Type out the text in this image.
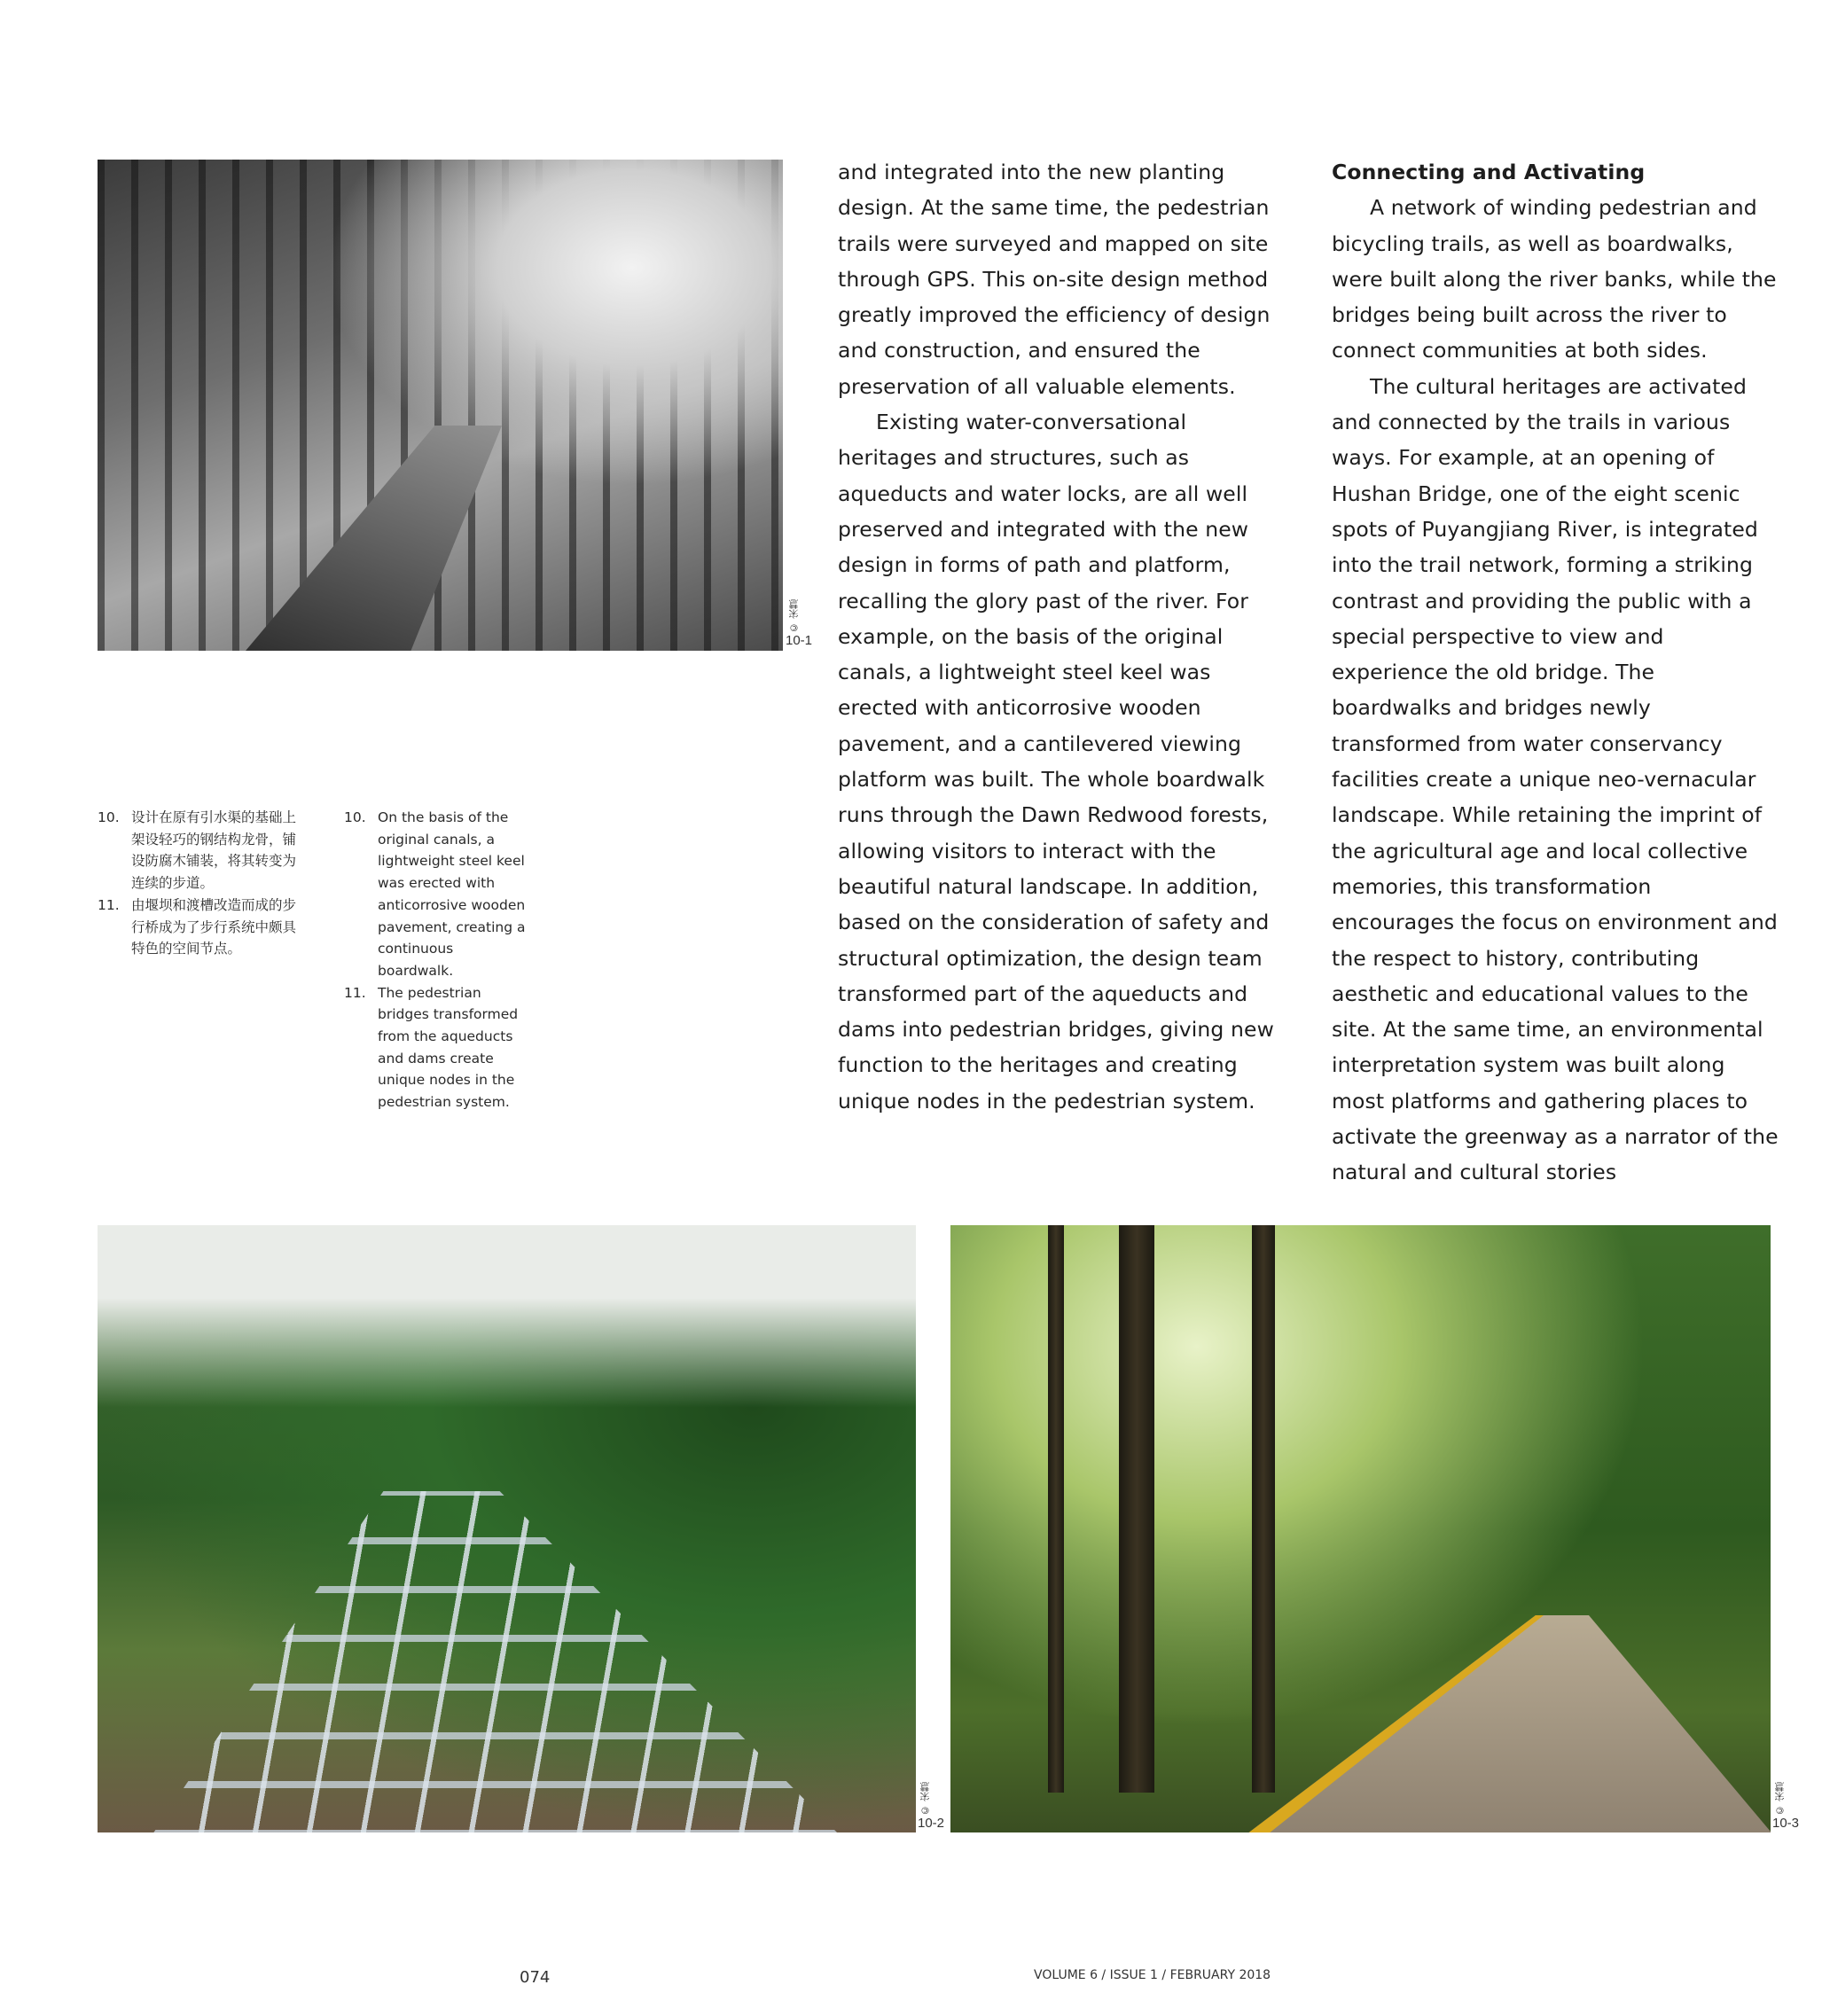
© 宋慧
10-1
10. 设计在原有引水渠的基础上架设轻巧的钢结构龙骨，铺设防腐木铺装，将其转变为连续的步道。
11. 由堰坝和渡槽改造而成的步行桥成为了步行系统中颇具特色的空间节点。
10. On the basis of the original canals, a lightweight steel keel was erected with anticorrosive wooden pavement, creating a continuous boardwalk.
11. The pedestrian bridges transformed from the aqueducts and dams create unique nodes in the pedestrian system.

and integrated into the new planting design. At the same time, the pedestrian trails were surveyed and mapped on site through GPS. This on-site design method greatly improved the efficiency of design and construction, and ensured the preservation of all valuable elements.

Existing water-conversational heritages and structures, such as aqueducts and water locks, are all well preserved and integrated with the new design in forms of path and platform, recalling the glory past of the river. For example, on the basis of the original canals, a lightweight steel keel was erected with anticorrosive wooden pavement, and a cantilevered viewing platform was built. The whole boardwalk runs through the Dawn Redwood forests, allowing visitors to interact with the beautiful natural landscape. In addition, based on the consideration of safety and structural optimization, the design team transformed part of the aqueducts and dams into pedestrian bridges, giving new function to the heritages and creating unique nodes in the pedestrian system.

Connecting and Activating

A network of winding pedestrian and bicycling trails, as well as boardwalks, were built along the river banks, while the bridges being built across the river to connect communities at both sides.

The cultural heritages are activated and connected by the trails in various ways. For example, at an opening of Hushan Bridge, one of the eight scenic spots of Puyangjiang River, is integrated into the trail network, forming a striking contrast and providing the public with a special perspective to view and experience the old bridge. The boardwalks and bridges newly transformed from water conservancy facilities create a unique neo-vernacular landscape. While retaining the imprint of the agricultural age and local collective memories, this transformation encourages the focus on environment and the respect to history, contributing aesthetic and educational values to the site. At the same time, an environmental interpretation system was built along most platforms and gathering places to activate the greenway as a narrator of the natural and cultural stories

© 宋慧
10-2
© 宋慧
10-3
074	VOLUME 6 / ISSUE 1 / FEBRUARY 2018
